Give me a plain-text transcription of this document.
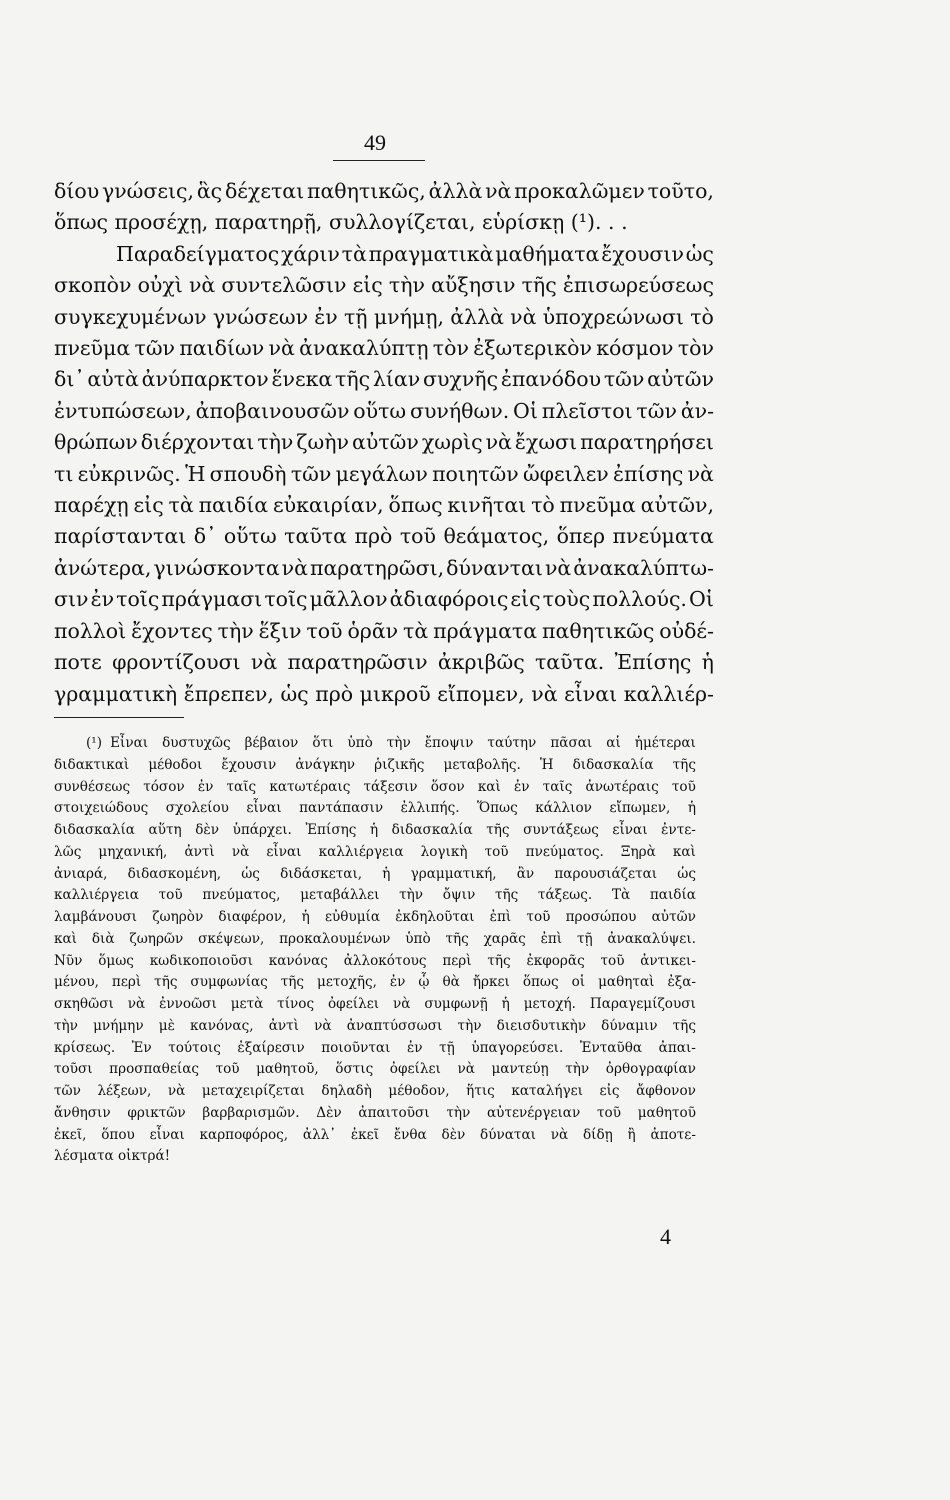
49
δίου γνώσεις, ἃς δέχεται παθητικῶς, ἀλλὰ νὰ προκαλῶμεν τοῦτο,
ὅπως προσέχῃ, παρατηρῇ, συλλογίζεται, εὑρίσκῃ (¹). . .
Παραδείγματος χάριν τὰ πραγματικὰ μαθήματα ἔχουσιν ὡς
σκοπὸν οὐχὶ νὰ συντελῶσιν εἰς τὴν αὔξησιν τῆς ἐπισωρεύσεως
συγκεχυμένων γνώσεων ἐν τῇ μνήμῃ, ἀλλὰ νὰ ὑποχρεώνωσι τὸ
πνεῦμα τῶν παιδίων νὰ ἀνακαλύπτῃ τὸν ἐξωτερικὸν κόσμον τὸν
δι᾽ αὐτὰ ἀνύπαρκτον ἕνεκα τῆς λίαν συχνῆς ἐπανόδου τῶν αὐτῶν
ἐντυπώσεων, ἀποβαινουσῶν οὕτω συνήθων. Οἱ πλεῖστοι τῶν ἀν-
θρώπων διέρχονται τὴν ζωὴν αὐτῶν χωρὶς νὰ ἔχωσι παρατηρήσει
τι εὐκρινῶς. Ἡ σπουδὴ τῶν μεγάλων ποιητῶν ὤφειλεν ἐπίσης νὰ
παρέχῃ εἰς τὰ παιδία εὐκαιρίαν, ὅπως κινῆται τὸ πνεῦμα αὐτῶν,
παρίστανται δ᾽ οὕτω ταῦτα πρὸ τοῦ θεάματος, ὅπερ πνεύματα
ἀνώτερα, γινώσκοντα νὰ παρατηρῶσι, δύνανται νὰ ἀνακαλύπτω-
σιν ἐν τοῖς πράγμασι τοῖς μᾶλλον ἀδιαφόροις εἰς τοὺς πολλούς. Οἱ
πολλοὶ ἔχοντες τὴν ἕξιν τοῦ ὁρᾶν τὰ πράγματα παθητικῶς οὐδέ-
ποτε φροντίζουσι νὰ παρατηρῶσιν ἀκριβῶς ταῦτα. Ἐπίσης ἡ
γραμματικὴ ἔπρεπεν, ὡς πρὸ μικροῦ εἴπομεν, νὰ εἶναι καλλιέρ-
(¹) Εἶναι δυστυχῶς βέβαιον ὅτι ὑπὸ τὴν ἔποψιν ταύτην πᾶσαι αἱ ἡμέτεραι
διδακτικαὶ μέθοδοι ἔχουσιν ἀνάγκην ῥιζικῆς μεταβολῆς. Ἡ διδασκαλία τῆς
συνθέσεως τόσον ἐν ταῖς κατωτέραις τάξεσιν ὅσον καὶ ἐν ταῖς ἀνωτέραις τοῦ
στοιχειώδους σχολείου εἶναι παντάπασιν ἐλλιπής. Ὅπως κάλλιον εἴπωμεν, ἡ
διδασκαλία αὕτη δὲν ὑπάρχει. Ἐπίσης ἡ διδασκαλία τῆς συντάξεως εἶναι ἐντε-
λῶς μηχανική, ἀντὶ νὰ εἶναι καλλιέργεια λογικὴ τοῦ πνεύματος. Ξηρὰ καὶ
ἀνιαρά, διδασκομένη, ὡς διδάσκεται, ἡ γραμματική, ἂν παρουσιάζεται ὡς
καλλιέργεια τοῦ πνεύματος, μεταβάλλει τὴν ὄψιν τῆς τάξεως. Τὰ παιδία
λαμβάνουσι ζωηρὸν διαφέρον, ἡ εὐθυμία ἐκδηλοῦται ἐπὶ τοῦ προσώπου αὐτῶν
καὶ διὰ ζωηρῶν σκέψεων, προκαλουμένων ὑπὸ τῆς χαρᾶς ἐπὶ τῇ ἀνακαλύψει.
Νῦν ὅμως κωδικοποιοῦσι κανόνας ἀλλοκότους περὶ τῆς ἐκφορᾶς τοῦ ἀντικει-
μένου, περὶ τῆς συμφωνίας τῆς μετοχῆς, ἐν ᾧ θὰ ἤρκει ὅπως οἱ μαθηταὶ ἐξα-
σκηθῶσι νὰ ἐννοῶσι μετὰ τίνος ὀφείλει νὰ συμφωνῇ ἡ μετοχή. Παραγεμίζουσι
τὴν μνήμην μὲ κανόνας, ἀντὶ νὰ ἀναπτύσσωσι τὴν διεισδυτικὴν δύναμιν τῆς
κρίσεως. Ἐν τούτοις ἐξαίρεσιν ποιοῦνται ἐν τῇ ὑπαγορεύσει. Ἐνταῦθα ἀπαι-
τοῦσι προσπαθείας τοῦ μαθητοῦ, ὅστις ὀφείλει νὰ μαντεύῃ τὴν ὀρθογραφίαν
τῶν λέξεων, νὰ μεταχειρίζεται δηλαδὴ μέθοδον, ἥτις καταλήγει εἰς ἄφθονον
ἄνθησιν φρικτῶν βαρβαρισμῶν. Δὲν ἀπαιτοῦσι τὴν αὐτενέργειαν τοῦ μαθητοῦ
ἐκεῖ, ὅπου εἶναι καρποφόρος, ἀλλ᾽ ἐκεῖ ἔνθα δὲν δύναται νὰ δίδῃ ἢ ἀποτε-
λέσματα οἰκτρά!
4
